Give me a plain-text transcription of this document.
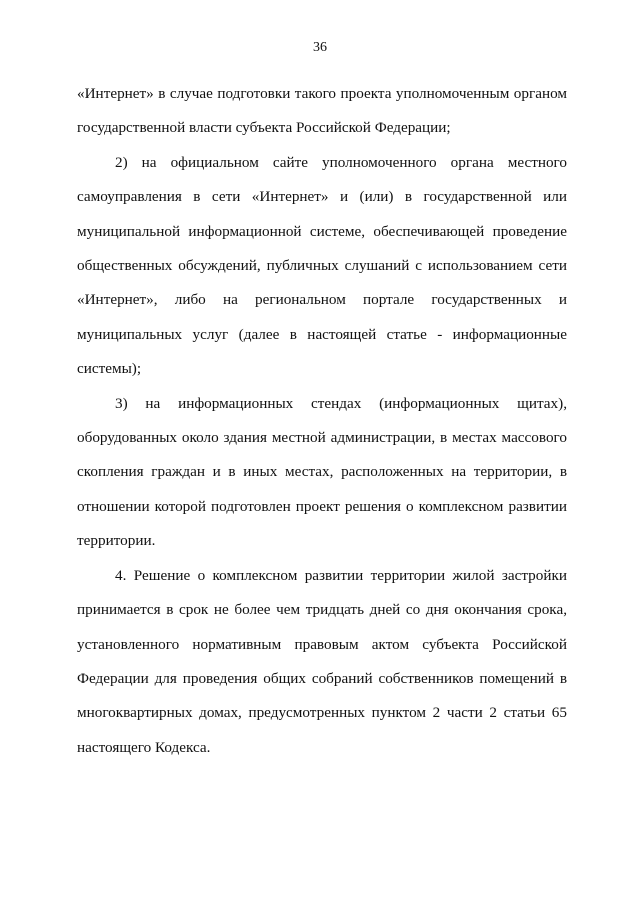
36

«Интернет» в случае подготовки такого проекта уполномоченным органом государственной власти субъекта Российской Федерации;

2) на официальном сайте уполномоченного органа местного самоуправления в сети «Интернет» и (или) в государственной или муниципальной информационной системе, обеспечивающей проведение общественных обсуждений, публичных слушаний с использованием сети «Интернет», либо на региональном портале государственных и муниципальных услуг (далее в настоящей статье - информационные системы);

3) на информационных стендах (информационных щитах), оборудованных около здания местной администрации, в местах массового скопления граждан и в иных местах, расположенных на территории, в отношении которой подготовлен проект решения о комплексном развитии территории.

4. Решение о комплексном развитии территории жилой застройки принимается в срок не более чем тридцать дней со дня окончания срока, установленного нормативным правовым актом субъекта Российской Федерации для проведения общих собраний собственников помещений в многоквартирных домах, предусмотренных пунктом 2 части 2 статьи 65 настоящего Кодекса.
